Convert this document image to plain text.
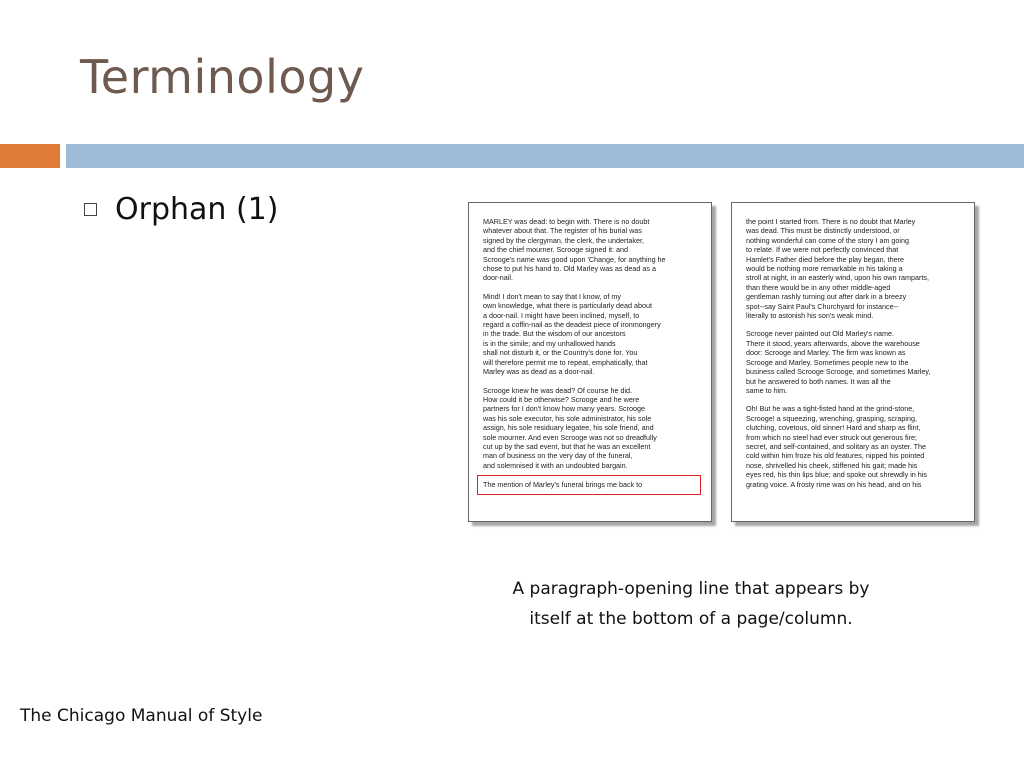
Terminology
Orphan (1)	MARLEY was dead: to begin with. There is no doubt
whatever about that. The register of his burial was
signed by the clergyman, the clerk, the undertaker,
and the chief mourner. Scrooge signed it: and
Scrooge's name was good upon 'Change, for anything he
chose to put his hand to. Old Marley was as dead as a
door-nail.
Mind! I don't mean to say that I know, of my
own knowledge, what there is particularly dead about
a door-nail. I might have been inclined, myself, to
regard a coffin-nail as the deadest piece of ironmongery
in the trade. But the wisdom of our ancestors
is in the simile; and my unhallowed hands
shall not disturb it, or the Country's done for. You
will therefore permit me to repeat, emphatically, that
Marley was as dead as a door-nail.
Scrooge knew he was dead? Of course he did.
How could it be otherwise? Scrooge and he were
partners for I don't know how many years. Scrooge
was his sole executor, his sole administrator, his sole
assign, his sole residuary legatee, his sole friend, and
sole mourner. And even Scrooge was not so dreadfully
cut up by the sad event, but that he was an excellent
man of business on the very day of the funeral,
and solemnised it with an undoubted bargain.
The mention of Marley's funeral brings me back to
the point I started from. There is no doubt that Marley
was dead. This must be distinctly understood, or
nothing wonderful can come of the story I am going
to relate. If we were not perfectly convinced that
Hamlet's Father died before the play began, there
would be nothing more remarkable in his taking a
stroll at night, in an easterly wind, upon his own ramparts,
than there would be in any other middle-aged
gentleman rashly turning out after dark in a breezy
spot--say Saint Paul's Churchyard for instance--
literally to astonish his son's weak mind.
Scrooge never painted out Old Marley's name.
There it stood, years afterwards, above the warehouse
door: Scrooge and Marley. The firm was known as
Scrooge and Marley. Sometimes people new to the
business called Scrooge Scrooge, and sometimes Marley,
but he answered to both names. It was all the
same to him.
Oh! But he was a tight-fisted hand at the grind-stone,
Scrooge! a squeezing, wrenching, grasping, scraping,
clutching, covetous, old sinner! Hard and sharp as flint,
from which no steel had ever struck out generous fire;
secret, and self-contained, and solitary as an oyster. The
cold within him froze his old features, nipped his pointed
nose, shrivelled his cheek, stiffened his gait; made his
eyes red, his thin lips blue; and spoke out shrewdly in his
grating voice. A frosty rime was on his head, and on his
A paragraph-opening line that appears by
itself at the bottom of a page/column.
The Chicago Manual of Style
